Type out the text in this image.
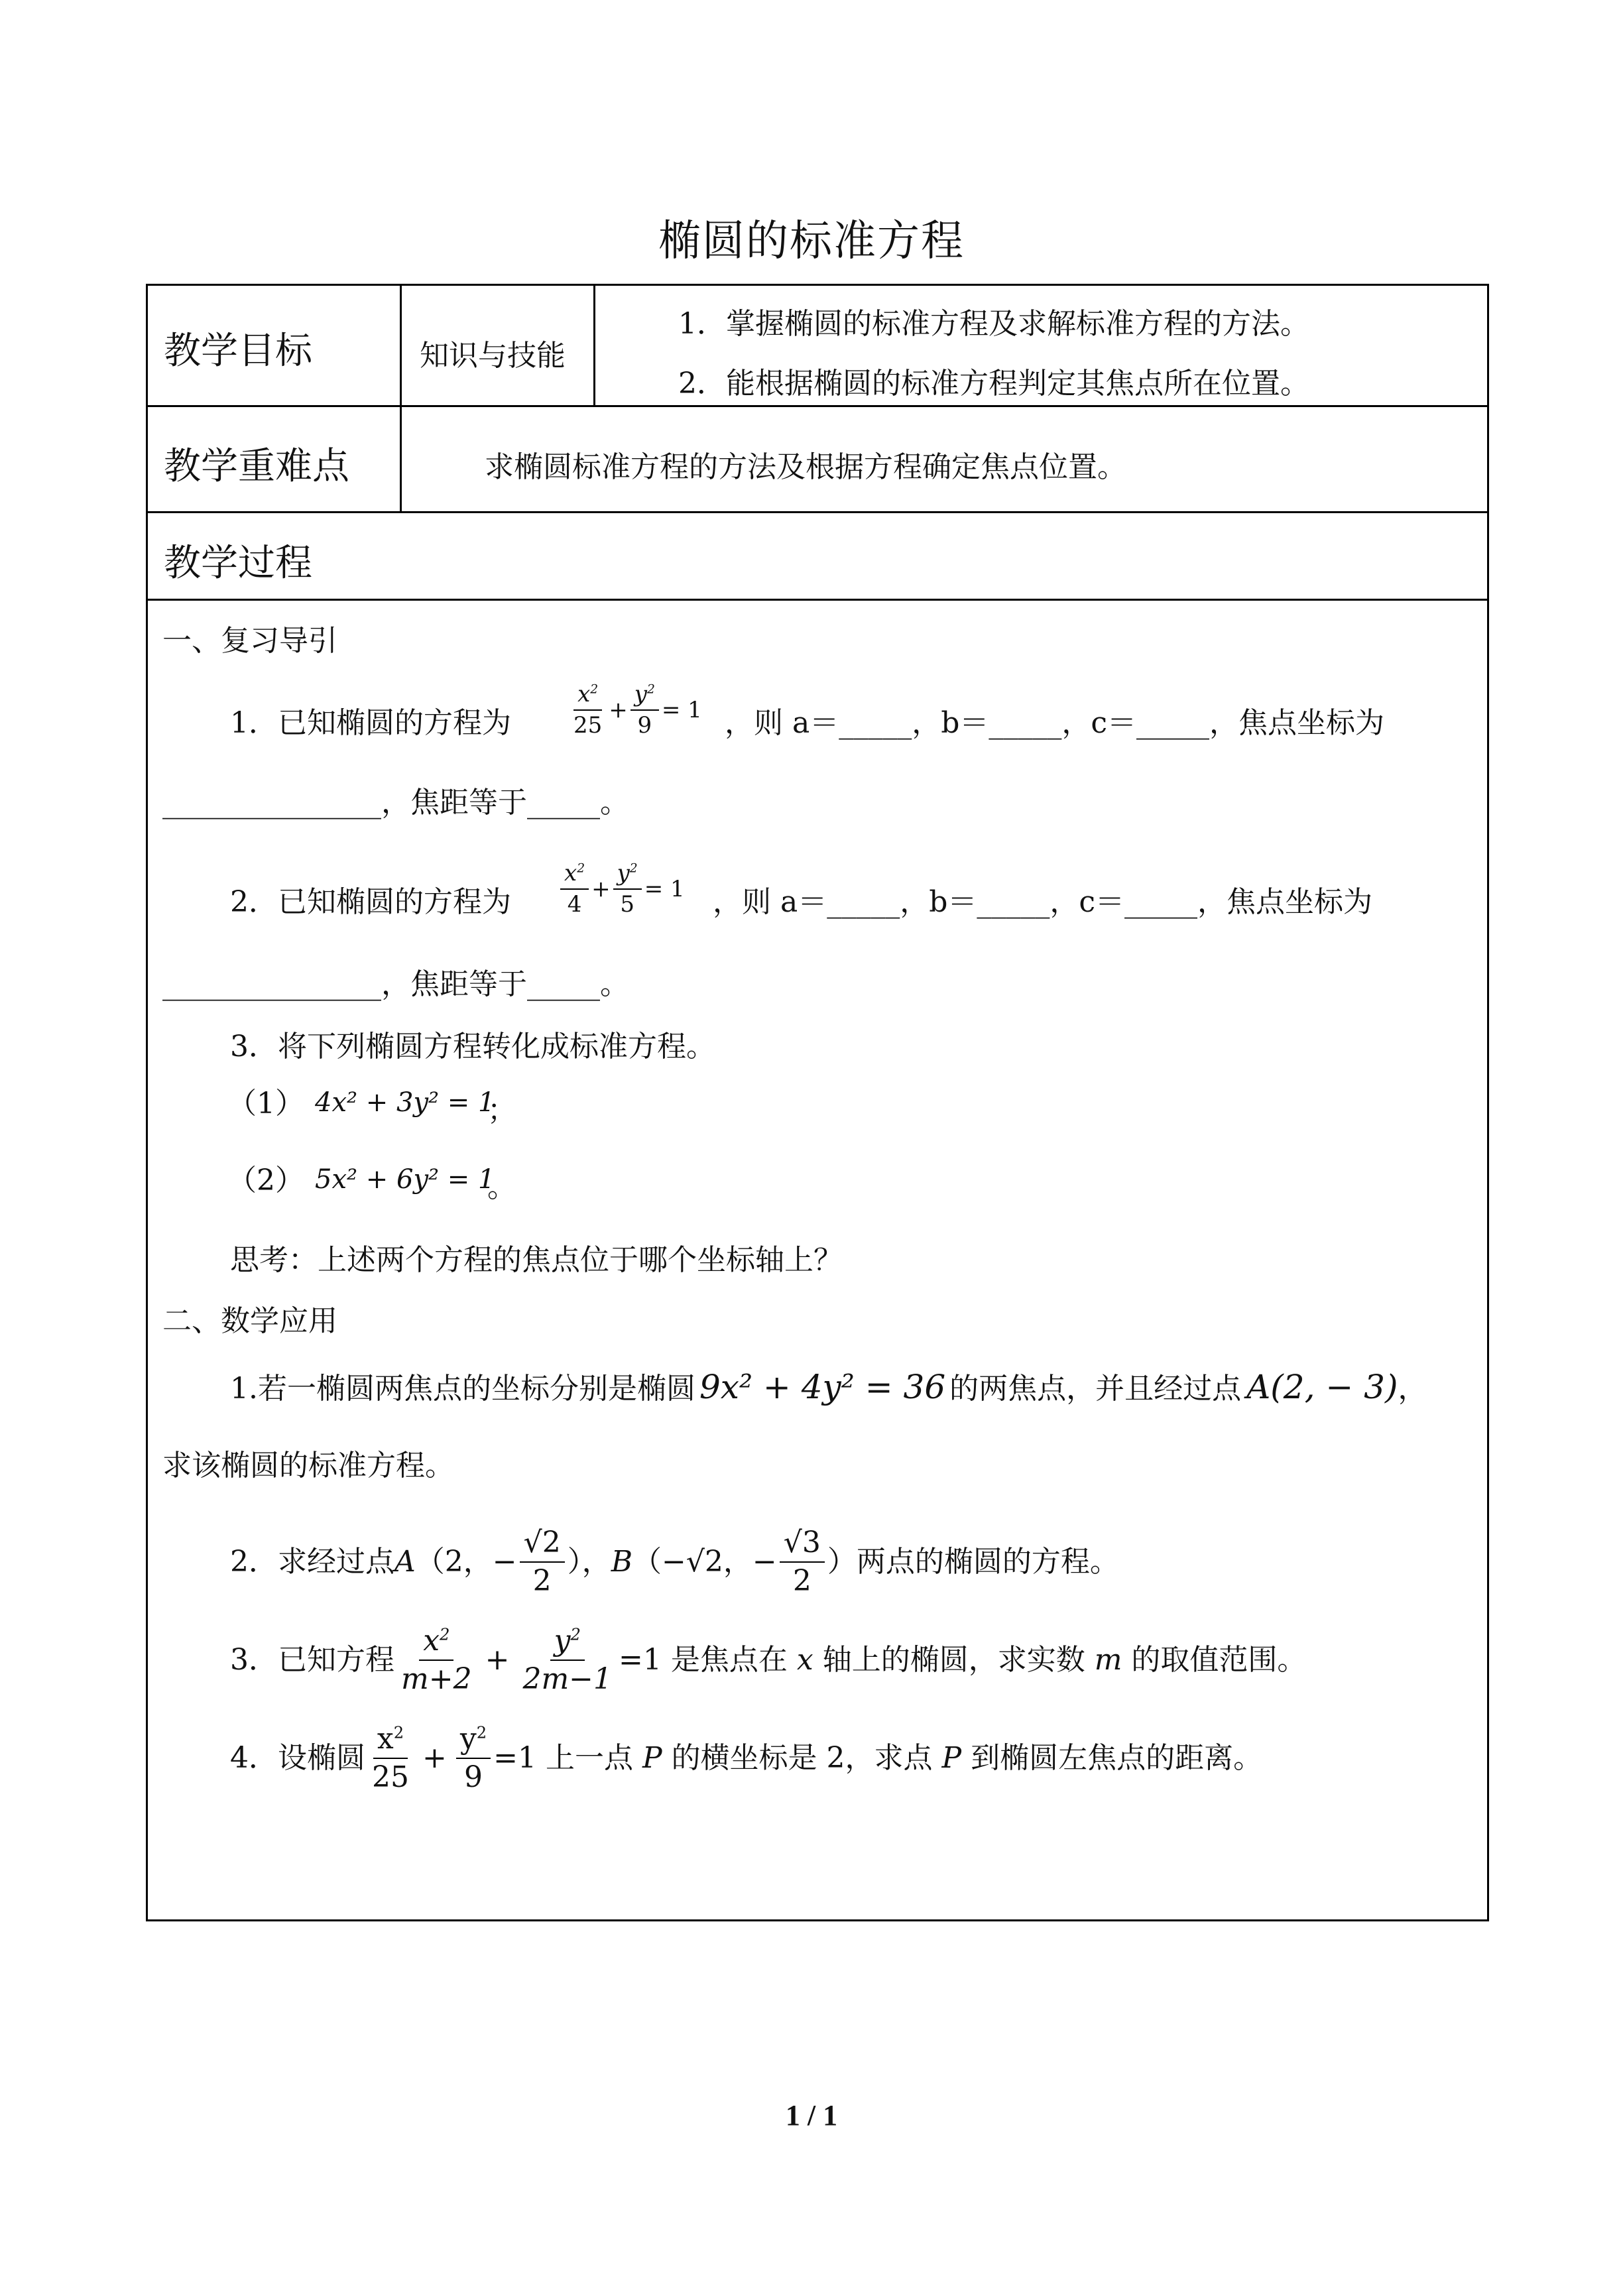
椭圆的标准方程
教学目标	知识与技能
1．掌握椭圆的标准方程及求解标准方程的方法。
2．能根据椭圆的标准方程判定其焦点所在位置。
教学重难点	求椭圆标准方程的方法及根据方程确定焦点位置。
教学过程
一、复习导引
1．已知椭圆的方程为	$\frac{x^2}{25} + \frac{y^2}{9} = 1$ ，则 a＝_____，b＝_____，c＝_____，焦点坐标为
_______________，焦距等于_____。
2．已知椭圆的方程为 $\frac{x^2}{4} + \frac{y^2}{5} = 1$ ，则 a＝_____，b＝_____，c＝_____，焦点坐标为
_______________，焦距等于_____。
3．将下列椭圆方程转化成标准方程。
（1） 4x² + 3y² = 1
；
（2） 5x² + 6y² = 1
。
思考：上述两个方程的焦点位于哪个坐标轴上？
二、数学应用
1.若一椭圆两焦点的坐标分别是椭圆 9x² + 4y² = 36 的两焦点，并且经过点 A(2, − 3) ，
求该椭圆的标准方程。
2．求经过点 A （2，− $\frac{√2}{2}$ ）， B （−√2，− $\frac{√3}{2}$ ） 两点的椭圆的方程。
3．已知方程 $\frac{x^2}{m+2} + \frac{y^2}{2m-1} =1$ 是焦点在 x 轴上的椭圆，求实数 m 的取值范围。
4．设椭圆 $\frac{x^2}{25} + \frac{y^2}{9} =1$ 上一点 P 的横坐标是 2，求点 P 到椭圆左焦点的距离。
1 / 1
